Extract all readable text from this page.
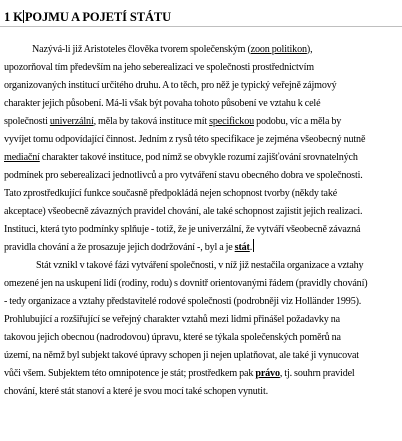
1 K POJMU A POJETÍ STÁTU
Nazývá-li již Aristoteles člověka tvorem společenským (zoon politikon),
upozorňoval tím především na jeho seberealizaci ve společnosti prostřednictvím
organizovaných institucí určitého druhu. A to těch, pro něž je typický veřejně zájmový
charakter jejich působení. Má-li však být povaha tohoto působení ve vztahu k celé
společnosti univerzální, měla by taková instituce mít specifickou podobu, víc a měla by
vyvíjet tomu odpovídající činnost. Jedním z rysů této specifikace je zejména všeobecný nutně
mediační charakter takové instituce, pod nímž se obvykle rozumí zajišťování srovnatelných
podmínek pro seberealizaci jednotlivců a pro vytváření stavu obecného dobra ve společnosti.
Tato zprostředkující funkce současně předpokládá nejen schopnost tvorby (někdy také
akceptace) všeobecně závazných pravidel chování, ale také schopnost zajistit jejich realizaci.
Instituci, která tyto podmínky splňuje - totiž, že je univerzální, že vytváří všeobecně závazná
pravidla chování a že prosazuje jejich dodržování -, byl a je stát.
Stát vznikl v takové fázi vytváření společnosti, v níž již nestačila organizace a vztahy
omezené jen na uskupení lidí (rodiny, rodu) s dovnitř orientovanými řádem (pravidly chování)
- tedy organizace a vztahy představitelé rodové společnosti (podrobněji viz Holländer 1995).
Prohlubující a rozšiřující se veřejný charakter vztahů mezi lidmi přinášel požadavky na
takovou jejich obecnou (nadrodovou) úpravu, které se týkala společenských poměrů na
území, na němž byl subjekt takové úpravy schopen ji nejen uplatňovat, ale také ji vynucovat
vůči všem. Subjektem této omnipotence je stát; prostředkem pak právo, tj. souhrn pravidel
chování, které stát stanoví a které je svou mocí také schopen vynutit.
